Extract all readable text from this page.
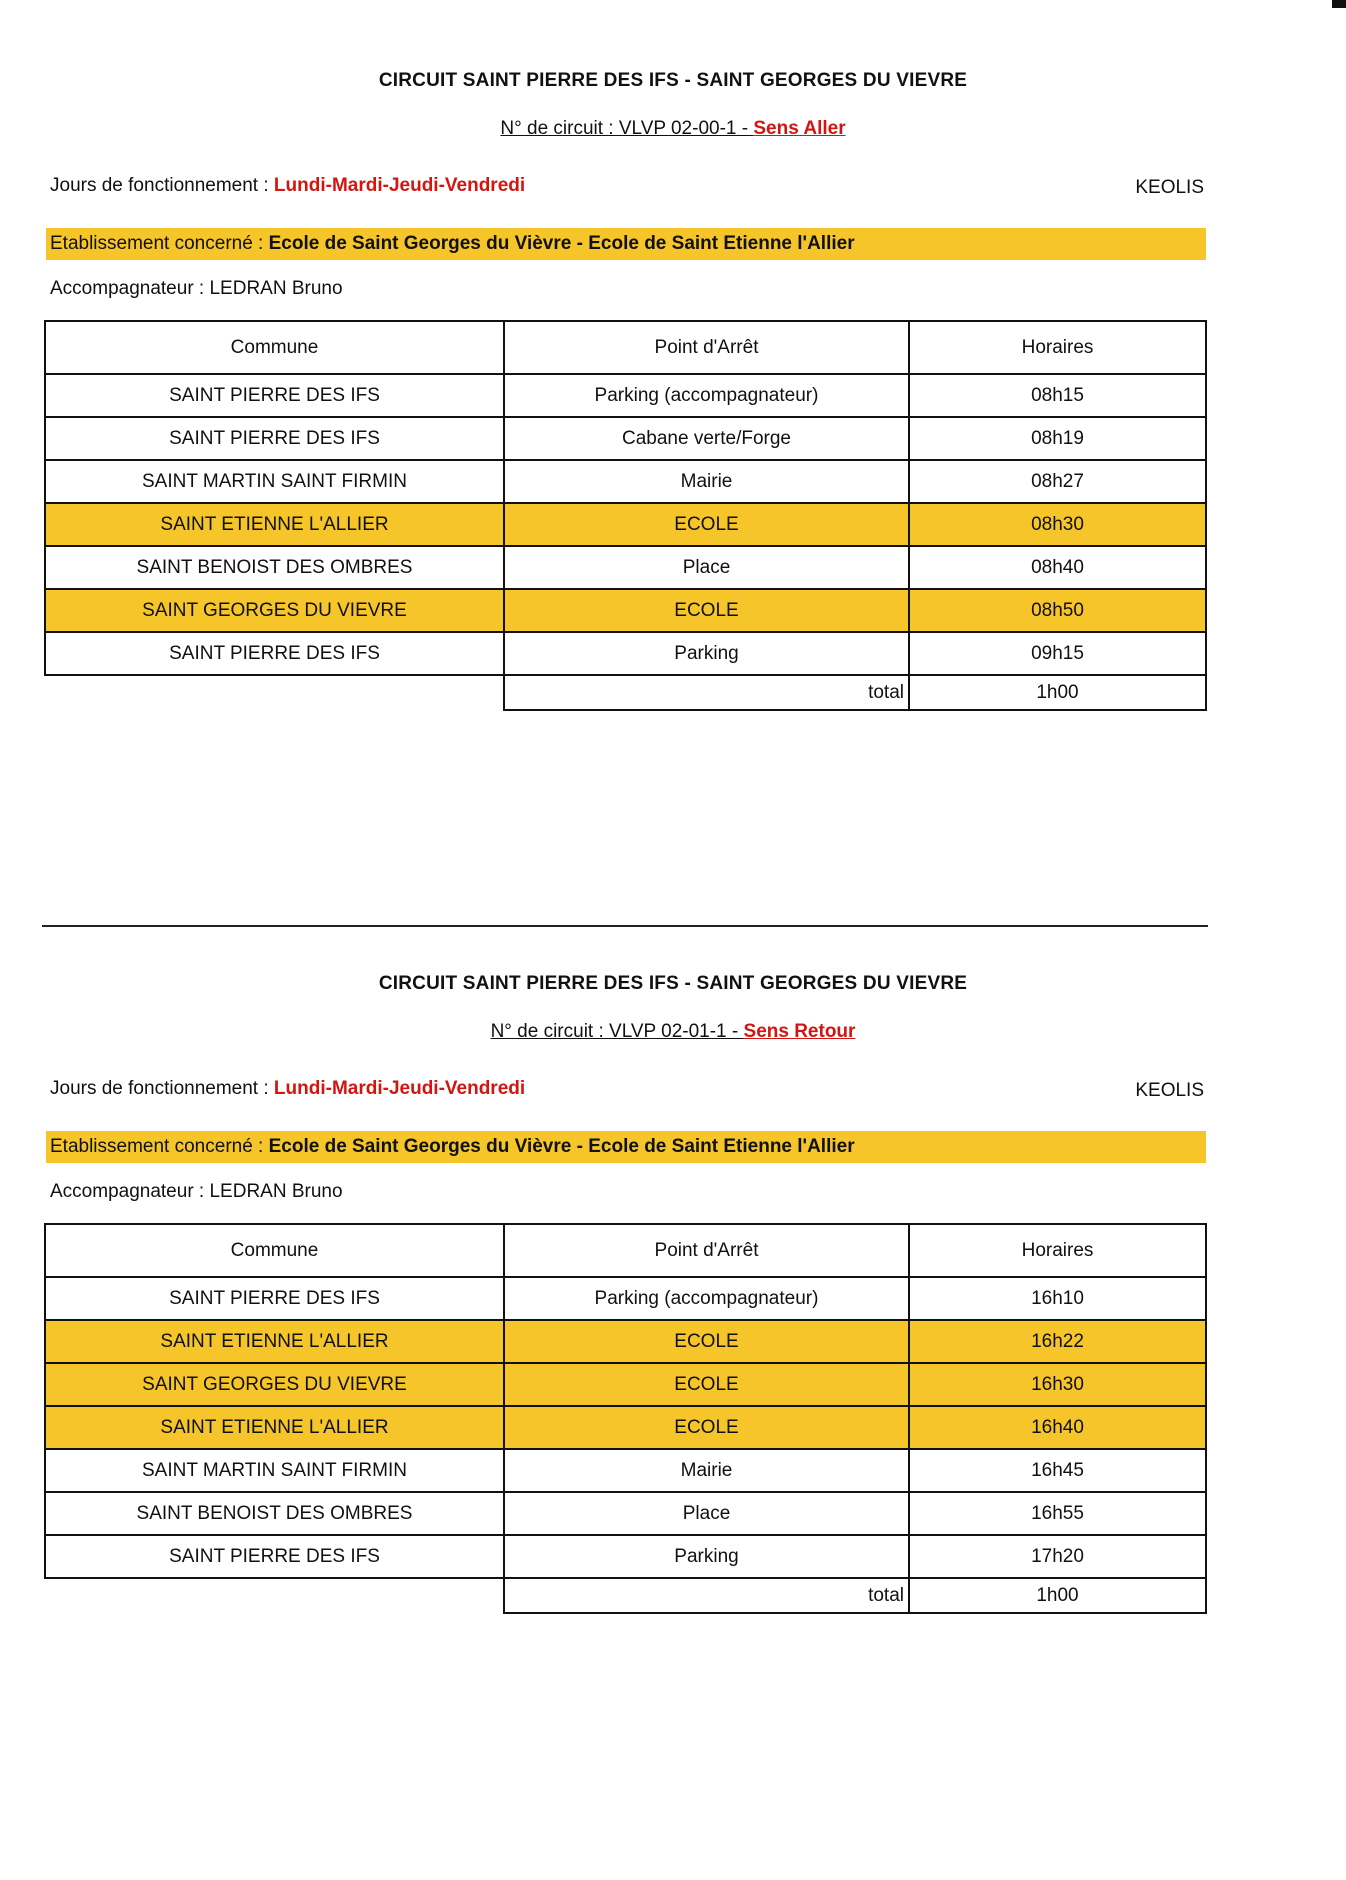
CIRCUIT SAINT PIERRE DES IFS - SAINT GEORGES DU VIEVRE
N° de circuit : VLVP 02-00-1 - Sens Aller
Jours de fonctionnement : Lundi-Mardi-Jeudi-Vendredi	KEOLIS
Etablissement concerné : Ecole de Saint Georges du Vièvre - Ecole de Saint Etienne l'Allier
Accompagnateur : LEDRAN Bruno
Commune	Point d'Arrêt	Horaires
SAINT PIERRE DES IFS	Parking (accompagnateur)	08h15
SAINT PIERRE DES IFS	Cabane verte/Forge	08h19
SAINT MARTIN SAINT FIRMIN	Mairie	08h27
SAINT ETIENNE L'ALLIER	ECOLE	08h30
SAINT BENOIST DES OMBRES	Place	08h40
SAINT GEORGES DU VIEVRE	ECOLE	08h50
SAINT PIERRE DES IFS	Parking	09h15
	total	1h00
CIRCUIT SAINT PIERRE DES IFS - SAINT GEORGES DU VIEVRE
N° de circuit : VLVP 02-01-1 - Sens Retour
Jours de fonctionnement : Lundi-Mardi-Jeudi-Vendredi	KEOLIS
Etablissement concerné : Ecole de Saint Georges du Vièvre - Ecole de Saint Etienne l'Allier
Accompagnateur : LEDRAN Bruno
Commune	Point d'Arrêt	Horaires
SAINT PIERRE DES IFS	Parking (accompagnateur)	16h10
SAINT ETIENNE L'ALLIER	ECOLE	16h22
SAINT GEORGES DU VIEVRE	ECOLE	16h30
SAINT ETIENNE L'ALLIER	ECOLE	16h40
SAINT MARTIN SAINT FIRMIN	Mairie	16h45
SAINT BENOIST DES OMBRES	Place	16h55
SAINT PIERRE DES IFS	Parking	17h20
	total	1h00
